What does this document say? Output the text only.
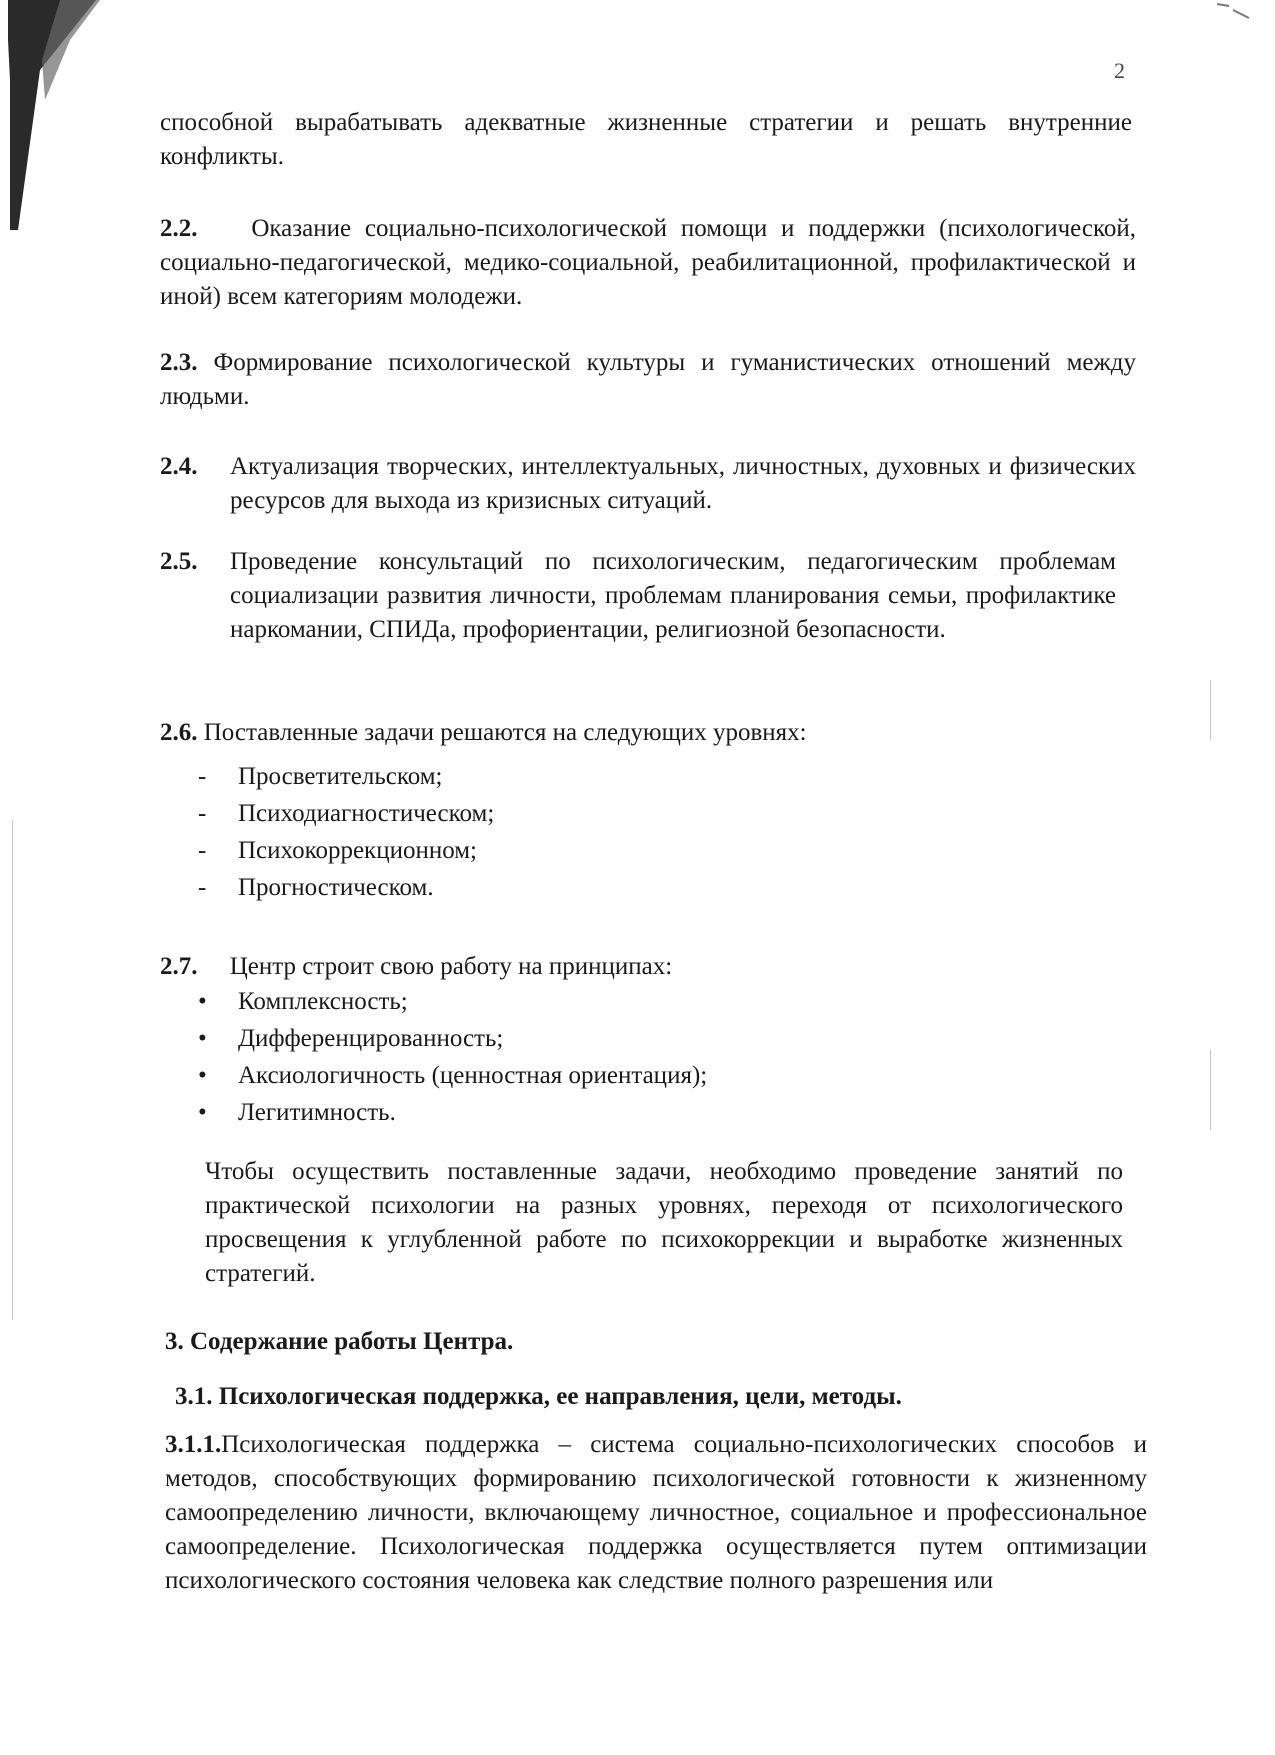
2
способной вырабатывать адекватные жизненные стратегии и решать внутренние конфликты.
2.2. Оказание социально-психологической помощи и поддержки (психологической, социально-педагогической, медико-социальной, реабилитационной, профилактической и иной) всем категориям молодежи.
2.3. Формирование психологической культуры и гуманистических отношений между людьми.
2.4. Актуализация творческих, интеллектуальных, личностных, духовных и физических ресурсов для выхода из кризисных ситуаций.
2.5. Проведение консультаций по психологическим, педагогическим проблемам социализации развития личности, проблемам планирования семьи, профилактике наркомании, СПИДа, профориентации, религиозной безопасности.
2.6. Поставленные задачи решаются на следующих уровнях:
- Просветительском;
- Психодиагностическом;
- Психокоррекционном;
- Прогностическом.
2.7. Центр строит свою работу на принципах:
• Комплексность;
• Дифференцированность;
• Аксиологичность (ценностная ориентация);
• Легитимность.
Чтобы осуществить поставленные задачи, необходимо проведение занятий по практической психологии на разных уровнях, переходя от психологического просвещения к углубленной работе по психокоррекции и выработке жизненных стратегий.
3. Содержание работы Центра.
3.1. Психологическая поддержка, ее направления, цели, методы.
3.1.1.Психологическая поддержка – система социально-психологических способов и методов, способствующих формированию психологической готовности к жизненному самоопределению личности, включающему личностное, социальное и профессиональное самоопределение. Психологическая поддержка осуществляется путем оптимизации психологического состояния человека как следствие полного разрешения или
